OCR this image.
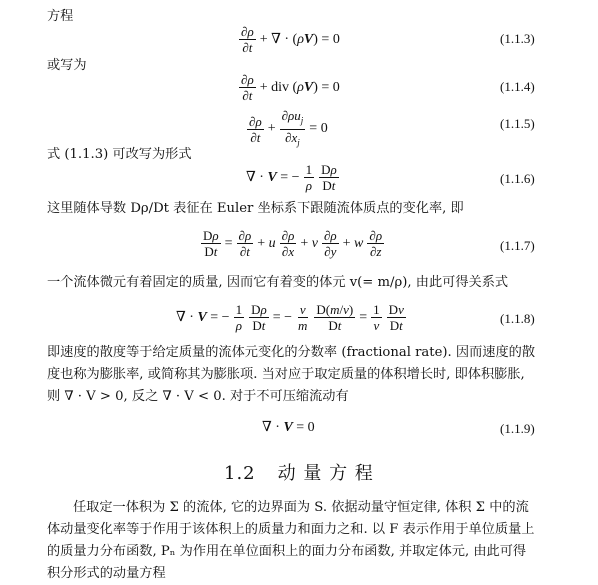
方程
$\frac{\partial\rho}{\partial t}$ + ∇ · (ρV) = 0	(1.1.3)
或写为
$\frac{\partial\rho}{\partial t}$ + div (ρV) = 0	(1.1.4)
$\frac{\partial\rho}{\partial t} + \frac{\partial\rho u_j}{\partial x_j} = 0$	(1.1.5)
式 (1.1.3) 可改写为形式
∇ · V = − $\frac{1}{\rho} \frac{D\rho}{Dt}$	(1.1.6)
这里随体导数 Dρ/Dt 表征在 Euler 坐标系下跟随流体质点的变化率, 即
$\frac{D\rho}{Dt} = \frac{\partial\rho}{\partial t} + u \frac{\partial\rho}{\partial x} + v \frac{\partial\rho}{\partial y} + w \frac{\partial\rho}{\partial z}$	(1.1.7)
一个流体微元有着固定的质量, 因而它有着变的体元 v(= m/ρ), 由此可得关系式
∇ · V = − $\frac{1}{\rho} \frac{D\rho}{Dt}$ = − $\frac{v}{m} \frac{D(m/v)}{Dt} = \frac{1}{v} \frac{Dv}{Dt}$	(1.1.8)
即速度的散度等于给定质量的流体元变化的分数率 (fractional rate). 因而速度的散度也称为膨胀率, 或简称其为膨胀项. 当对应于取定质量的体积增长时, 即体积膨胀, 则 ∇ · V > 0, 反之 ∇ · V < 0. 对于不可压缩流动有
∇ · V = 0	(1.1.9)
1.2 动 量 方 程
任取定一体积为 Σ 的流体, 它的边界面为 S. 依据动量守恒定律, 体积 Σ 中的流体动量变化率等于作用于该体积上的质量力和面力之和. 以 F 表示作用于单位质量上的质量力分布函数, Pₙ 为作用在单位面积上的面力分布函数, 并取定体元, 由此可得积分形式的动量方程
